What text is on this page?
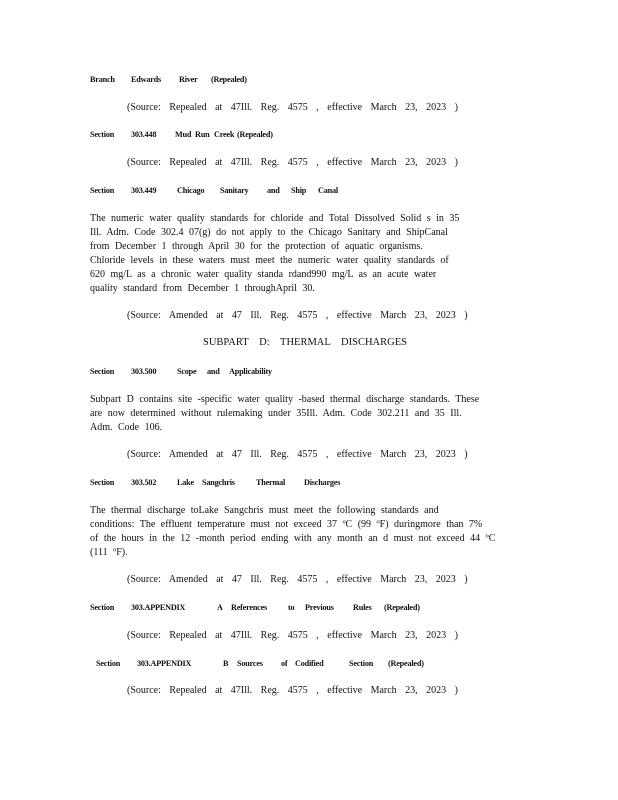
Branch Edwards River (Repealed)
(Source: Repealed at 47Ill. Reg. 4575 , effective March 23, 2023 )
Section 303.448 Mud Run Creek (Repealed)
(Source: Repealed at 47Ill. Reg. 4575 , effective March 23, 2023 )
Section 303.449	Chicago Sanitary and Ship Canal
The numeric water quality standards for chloride and Total Dissolved Solid s in 35
Ill. Adm. Code 302.4 07(g) do not apply to the Chicago Sanitary and ShipCanal
from December 1 through April 30 for the protection of aquatic organisms.
Chloride levels in these waters must meet the numeric water quality standards of
620 mg/L as a chronic water quality standa rdand990 mg/L as an acute water
quality standard from December 1 throughApril 30.
(Source: Amended at 47 Ill. Reg. 4575 , effective March 23, 2023 )
SUBPART D: THERMAL DISCHARGES
Section 303.500	Scope and Applicability
Subpart D contains site -specific water quality -based thermal discharge standards. These
are now determined without rulemaking under 35Ill. Adm. Code 302.211 and 35 Ill.
Adm. Code 106.
(Source: Amended at 47 Ill. Reg. 4575 , effective March 23, 2023 )
Section 303.502	Lake Sangchris	Thermal Discharges
The thermal discharge toLake Sangchris must meet the following standards and
conditions: The effluent temperature must not exceed 37 ºC (99 ºF) duringmore than 7%
of the hours in the 12 -month period ending with any month an d must not exceed 44 ºC
(111 ºF).
(Source: Amended at 47 Ill. Reg. 4575 , effective March 23, 2023 )
Section 303.APPENDIX	A References	to Previous Rules (Repealed)
(Source: Repealed at 47Ill. Reg. 4575 , effective March 23, 2023 )
Section 303.APPENDIX	B Sources of Codified	Section (Repealed)
(Source: Repealed at 47Ill. Reg. 4575 , effective March 23, 2023 )
